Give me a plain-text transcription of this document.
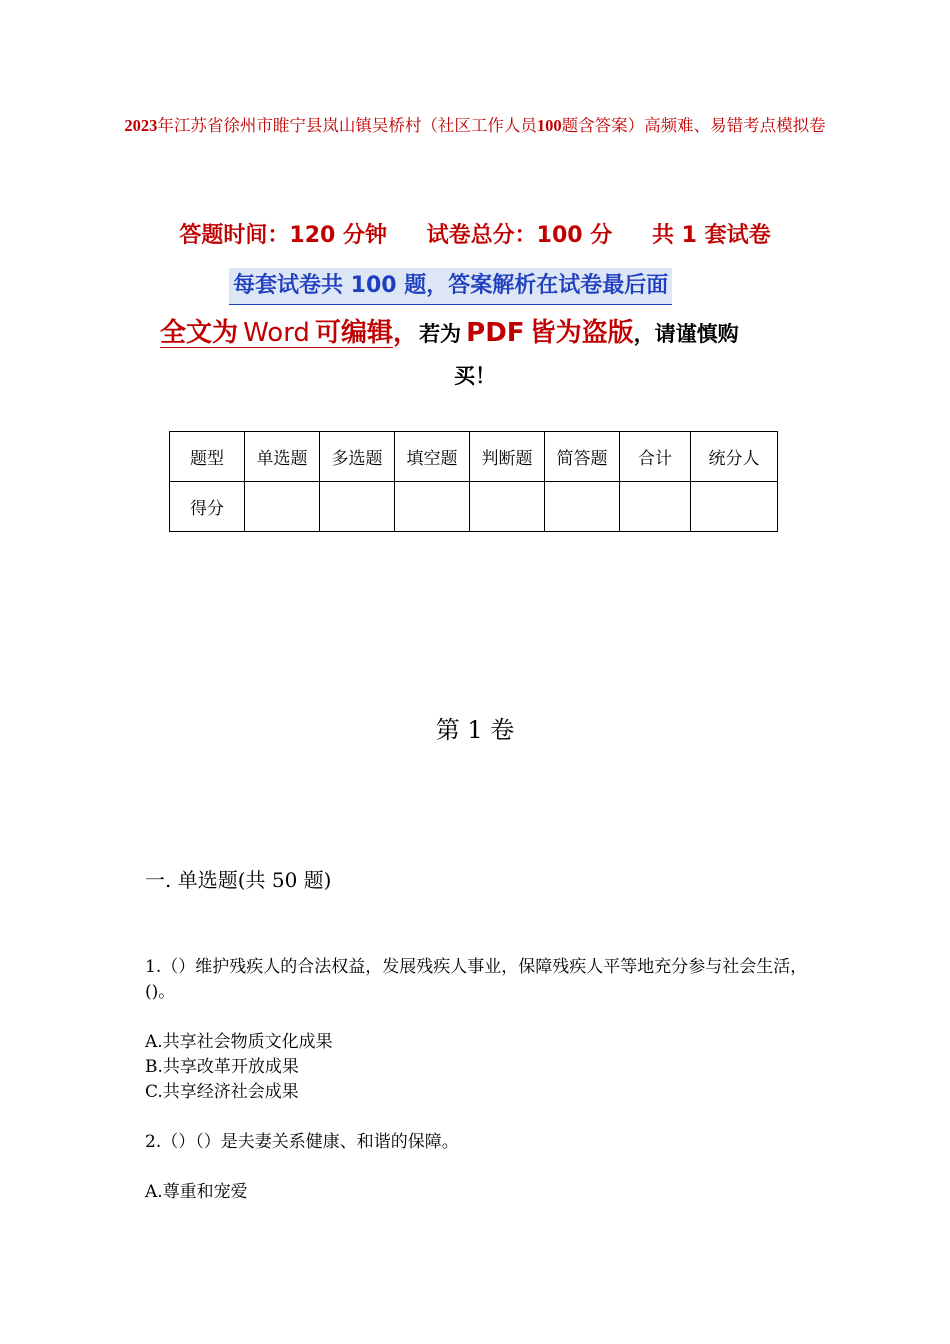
2023年江苏省徐州市睢宁县岚山镇吴桥村（社区工作人员100题含答案）高频难、易错考点模拟卷
答题时间：120 分钟 试卷总分：100 分 共 1 套试卷
每套试卷共 100 题，答案解析在试卷最后面
全文为 Word 可编辑，若为 PDF 皆为盗版，请谨慎购
买！
题型	单选题	多选题	填空题	判断题	简答题	合计	统分人
得分							
第 1 卷
一. 单选题(共 50 题)
1.（）维护残疾人的合法权益，发展残疾人事业，保障残疾人平等地充分参与社会生活，()。
A.共享社会物质文化成果
B.共享改革开放成果
C.共享经济社会成果
2.（）（）是夫妻关系健康、和谐的保障。
A.尊重和宠爱
